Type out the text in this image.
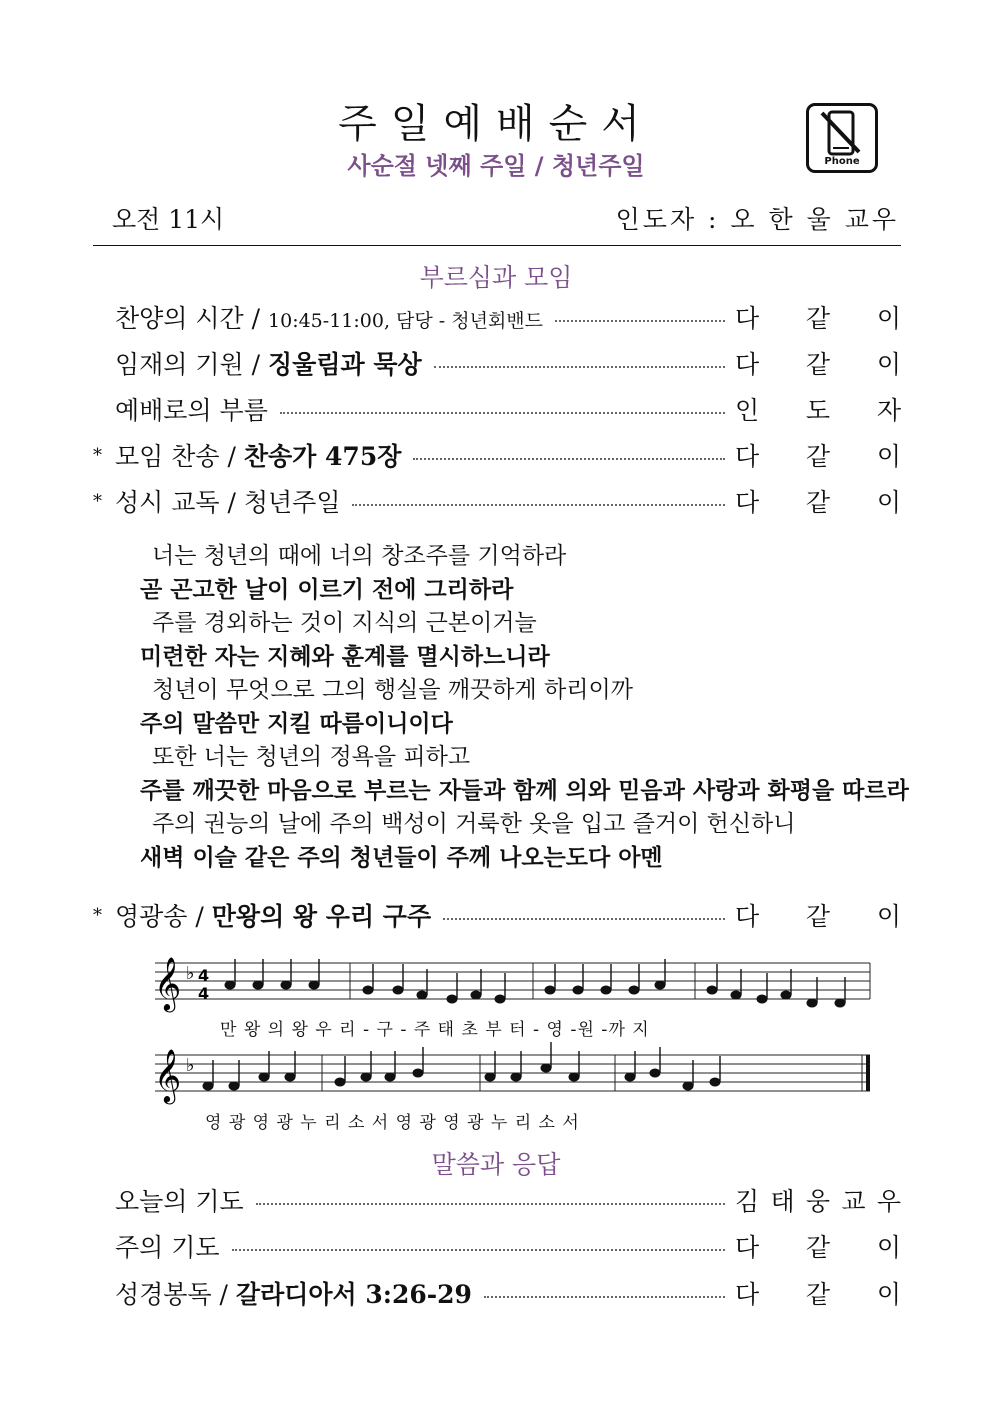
주일예배순서
사순절 넷째 주일 / 청년주일	Phone
오전 11시	인도자 : 오 한 울 교우
부르심과 모임
너는 청년의 때에 너의 창조주를 기억하라
곧 곤고한 날이 이르기 전에 그리하라
주를 경외하는 것이 지식의 근본이거늘
미련한 자는 지혜와 훈계를 멸시하느니라
청년이 무엇으로 그의 행실을 깨끗하게 하리이까
주의 말씀만 지킬 따름이니이다
또한 너는 청년의 정욕을 피하고
주를 깨끗한 마음으로 부르는 자들과 함께 의와 믿음과 사랑과 화평을 따르라
주의 권능의 날에 주의 백성이 거룩한 옷을 입고 즐거이 헌신하니
새벽 이슬 같은 주의 청년들이 주께 나오는도다 아멘
* 영광송 / 만왕의 왕 우리 구주	다 같 이
𝄞
𝄞
♭
♭
4
4
만 왕 의 왕 우 리 - 구 - 주 태 초 부 터 - 영 -원 -까 지
영 광 영 광 누 리 소 서 영 광 영 광 누 리 소 서
말씀과 응답
찬양의 시간 / 10:45-11:00, 담당 - 청년회밴드	다 같 이
임재의 기원 / 징울림과 묵상	다 같 이
예배로의 부름	인 도 자
* 모임 찬송 / 찬송가 475장	다 같 이
* 성시 교독 / 청년주일	다 같 이
오늘의 기도	김 태 웅 교 우
주의 기도	다 같 이
성경봉독 / 갈라디아서 3:26-29	다 같 이
